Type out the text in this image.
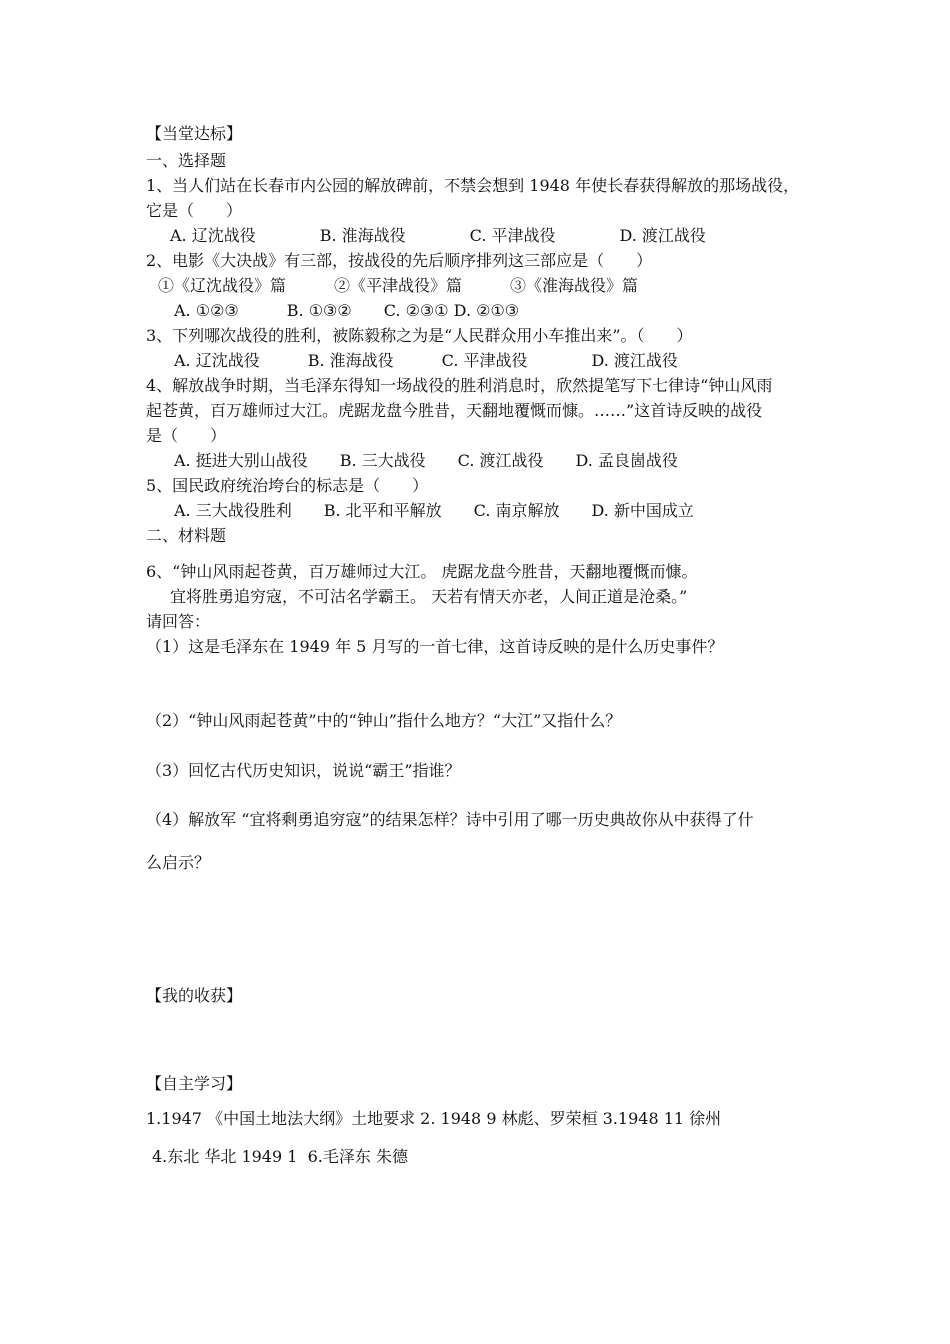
【当堂达标】
一、选择题
1、当人们站在长春市内公园的解放碑前，不禁会想到 1948 年使长春获得解放的那场战役，
它是（　　）
A. 辽沈战役　　　　B. 淮海战役　　　　C. 平津战役　　　　D. 渡江战役
2、电影《大决战》有三部，按战役的先后顺序排列这三部应是（　　）
①《辽沈战役》篇　　　②《平津战役》篇　　　③《淮海战役》篇
A. ①②③　　　B. ①③②　　C. ②③① D. ②①③
3、下列哪次战役的胜利，被陈毅称之为是“人民群众用小车推出来”。（　　）
A. 辽沈战役　　　B. 淮海战役　　　C. 平津战役　　　　D. 渡江战役
4、解放战争时期，当毛泽东得知一场战役的胜利消息时，欣然提笔写下七律诗“钟山风雨
起苍黄，百万雄师过大江。虎踞龙盘今胜昔，天翻地覆慨而慷。……”这首诗反映的战役
是（　　）
A. 挺进大别山战役　　B. 三大战役　　C. 渡江战役　　D. 孟良崮战役
5、国民政府统治垮台的标志是（　　）
A. 三大战役胜利　　B. 北平和平解放　　C. 南京解放　　D. 新中国成立
二、材料题
6、“钟山风雨起苍黄，百万雄师过大江。 虎踞龙盘今胜昔，天翻地覆慨而慷。
宜将胜勇追穷寇，不可沽名学霸王。 天若有情天亦老，人间正道是沧桑。”
请回答：
（1）这是毛泽东在 1949 年 5 月写的一首七律，这首诗反映的是什么历史事件？
（2）“钟山风雨起苍黄”中的“钟山”指什么地方？“大江”又指什么？
（3）回忆古代历史知识，说说“霸王”指谁？
（4）解放军 “宜将剩勇追穷寇”的结果怎样？诗中引用了哪一历史典故你从中获得了什
么启示？
【我的收获】
【自主学习】
1.1947 《中国土地法大纲》土地要求 2. 1948 9 林彪、罗荣桓 3.1948 11 徐州
4.东北 华北 1949 1  6.毛泽东 朱德
